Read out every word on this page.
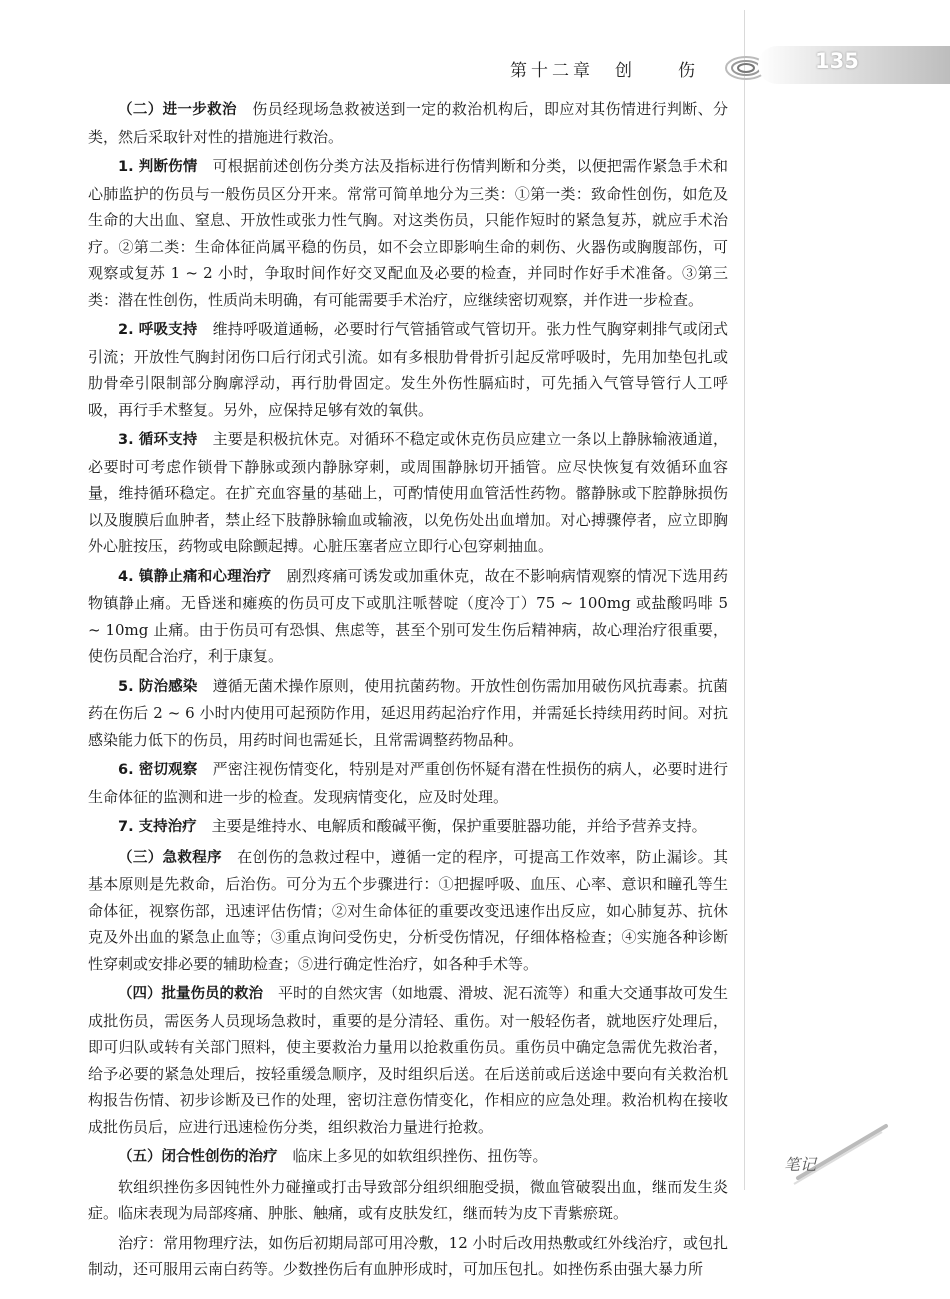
第十二章　创　　伤	135

（二）进一步救治　伤员经现场急救被送到一定的救治机构后，即应对其伤情进行判断、分类，然后采取针对性的措施进行救治。

1. 判断伤情　可根据前述创伤分类方法及指标进行伤情判断和分类，以便把需作紧急手术和心肺监护的伤员与一般伤员区分开来。常常可简单地分为三类：①第一类：致命性创伤，如危及生命的大出血、窒息、开放性或张力性气胸。对这类伤员，只能作短时的紧急复苏，就应手术治疗。②第二类：生命体征尚属平稳的伤员，如不会立即影响生命的刺伤、火器伤或胸腹部伤，可观察或复苏 1 ~ 2 小时，争取时间作好交叉配血及必要的检查，并同时作好手术准备。③第三类：潜在性创伤，性质尚未明确，有可能需要手术治疗，应继续密切观察，并作进一步检查。

2. 呼吸支持　维持呼吸道通畅，必要时行气管插管或气管切开。张力性气胸穿刺排气或闭式引流；开放性气胸封闭伤口后行闭式引流。如有多根肋骨骨折引起反常呼吸时，先用加垫包扎或肋骨牵引限制部分胸廓浮动，再行肋骨固定。发生外伤性膈疝时，可先插入气管导管行人工呼吸，再行手术整复。另外，应保持足够有效的氧供。

3. 循环支持　主要是积极抗休克。对循环不稳定或休克伤员应建立一条以上静脉输液通道，必要时可考虑作锁骨下静脉或颈内静脉穿刺，或周围静脉切开插管。应尽快恢复有效循环血容量，维持循环稳定。在扩充血容量的基础上，可酌情使用血管活性药物。髂静脉或下腔静脉损伤以及腹膜后血肿者，禁止经下肢静脉输血或输液，以免伤处出血增加。对心搏骤停者，应立即胸外心脏按压，药物或电除颤起搏。心脏压塞者应立即行心包穿刺抽血。

4. 镇静止痛和心理治疗　剧烈疼痛可诱发或加重休克，故在不影响病情观察的情况下选用药物镇静止痛。无昏迷和瘫痪的伤员可皮下或肌注哌替啶（度冷丁）75 ~ 100mg 或盐酸吗啡 5 ~ 10mg 止痛。由于伤员可有恐惧、焦虑等，甚至个别可发生伤后精神病，故心理治疗很重要，使伤员配合治疗，利于康复。

5. 防治感染　遵循无菌术操作原则，使用抗菌药物。开放性创伤需加用破伤风抗毒素。抗菌药在伤后 2 ~ 6 小时内使用可起预防作用，延迟用药起治疗作用，并需延长持续用药时间。对抗感染能力低下的伤员，用药时间也需延长，且常需调整药物品种。

6. 密切观察　严密注视伤情变化，特别是对严重创伤怀疑有潜在性损伤的病人，必要时进行生命体征的监测和进一步的检查。发现病情变化，应及时处理。

7. 支持治疗　主要是维持水、电解质和酸碱平衡，保护重要脏器功能，并给予营养支持。

（三）急救程序　在创伤的急救过程中，遵循一定的程序，可提高工作效率，防止漏诊。其基本原则是先救命，后治伤。可分为五个步骤进行：①把握呼吸、血压、心率、意识和瞳孔等生命体征，视察伤部，迅速评估伤情；②对生命体征的重要改变迅速作出反应，如心肺复苏、抗休克及外出血的紧急止血等；③重点询问受伤史，分析受伤情况，仔细体格检查；④实施各种诊断性穿刺或安排必要的辅助检查；⑤进行确定性治疗，如各种手术等。

（四）批量伤员的救治　平时的自然灾害（如地震、滑坡、泥石流等）和重大交通事故可发生成批伤员，需医务人员现场急救时，重要的是分清轻、重伤。对一般轻伤者，就地医疗处理后，即可归队或转有关部门照料，使主要救治力量用以抢救重伤员。重伤员中确定急需优先救治者，给予必要的紧急处理后，按轻重缓急顺序，及时组织后送。在后送前或后送途中要向有关救治机构报告伤情、初步诊断及已作的处理，密切注意伤情变化，作相应的应急处理。救治机构在接收成批伤员后，应进行迅速检伤分类，组织救治力量进行抢救。

（五）闭合性创伤的治疗　临床上多见的如软组织挫伤、扭伤等。

软组织挫伤多因钝性外力碰撞或打击导致部分组织细胞受损，微血管破裂出血，继而发生炎症。临床表现为局部疼痛、肿胀、触痛，或有皮肤发红，继而转为皮下青紫瘀斑。

治疗：常用物理疗法，如伤后初期局部可用冷敷，12 小时后改用热敷或红外线治疗，或包扎制动，还可服用云南白药等。少数挫伤后有血肿形成时，可加压包扎。如挫伤系由强大暴力所

笔记
